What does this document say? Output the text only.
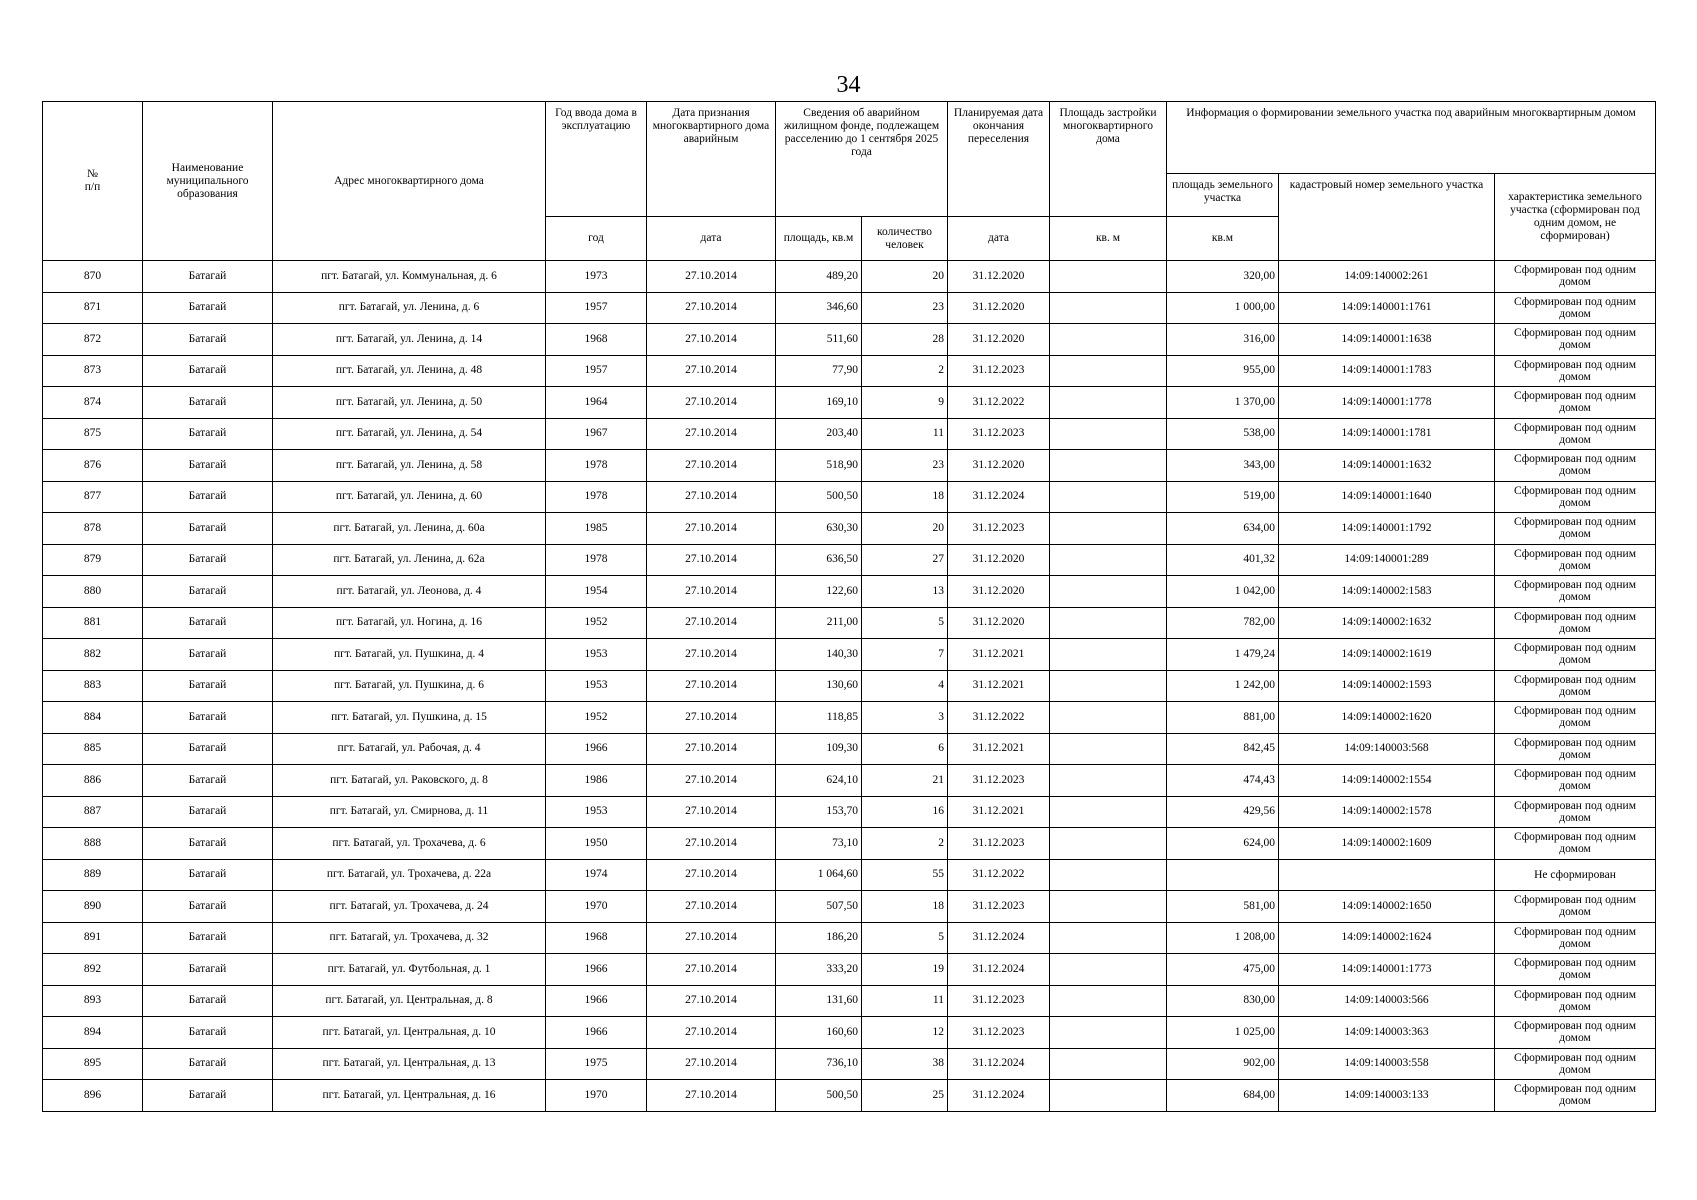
34
№
п/п	Наименование муниципального образования	Адрес многоквартирного дома	Год ввода дома в эксплуатацию	Дата признания многоквартирного дома аварийным	Сведения об аварийном жилищном фонде, подлежащем расселению до 1 сентября 2025 года		Планируемая дата окончания переселения	Площадь застройки многоквартирного дома	Информация о формировании земельного участка под аварийным многоквартирным домом		
									площадь земельного участка	кадастровый номер земельного участка	характеристика земельного участка (сформирован под одним домом, не сформирован)
			год	дата	площадь, кв.м	количество человек	дата	кв. м	кв.м		
870	Батагай	пгт. Батагай, ул. Коммунальная, д. 6	1973	27.10.2014	489,20	20	31.12.2020		320,00	14:09:140002:261	Сформирован под одним домом
871	Батагай	пгт. Батагай, ул. Ленина, д. 6	1957	27.10.2014	346,60	23	31.12.2020		1 000,00	14:09:140001:1761	Сформирован под одним домом
872	Батагай	пгт. Батагай, ул. Ленина, д. 14	1968	27.10.2014	511,60	28	31.12.2020		316,00	14:09:140001:1638	Сформирован под одним домом
873	Батагай	пгт. Батагай, ул. Ленина, д. 48	1957	27.10.2014	77,90	2	31.12.2023		955,00	14:09:140001:1783	Сформирован под одним домом
874	Батагай	пгт. Батагай, ул. Ленина, д. 50	1964	27.10.2014	169,10	9	31.12.2022		1 370,00	14:09:140001:1778	Сформирован под одним домом
875	Батагай	пгт. Батагай, ул. Ленина, д. 54	1967	27.10.2014	203,40	11	31.12.2023		538,00	14:09:140001:1781	Сформирован под одним домом
876	Батагай	пгт. Батагай, ул. Ленина, д. 58	1978	27.10.2014	518,90	23	31.12.2020		343,00	14:09:140001:1632	Сформирован под одним домом
877	Батагай	пгт. Батагай, ул. Ленина, д. 60	1978	27.10.2014	500,50	18	31.12.2024		519,00	14:09:140001:1640	Сформирован под одним домом
878	Батагай	пгт. Батагай, ул. Ленина, д. 60а	1985	27.10.2014	630,30	20	31.12.2023		634,00	14:09:140001:1792	Сформирован под одним домом
879	Батагай	пгт. Батагай, ул. Ленина, д. 62а	1978	27.10.2014	636,50	27	31.12.2020		401,32	14:09:140001:289	Сформирован под одним домом
880	Батагай	пгт. Батагай, ул. Леонова, д. 4	1954	27.10.2014	122,60	13	31.12.2020		1 042,00	14:09:140002:1583	Сформирован под одним домом
881	Батагай	пгт. Батагай, ул. Ногина, д. 16	1952	27.10.2014	211,00	5	31.12.2020		782,00	14:09:140002:1632	Сформирован под одним домом
882	Батагай	пгт. Батагай, ул. Пушкина, д. 4	1953	27.10.2014	140,30	7	31.12.2021		1 479,24	14:09:140002:1619	Сформирован под одним домом
883	Батагай	пгт. Батагай, ул. Пушкина, д. 6	1953	27.10.2014	130,60	4	31.12.2021		1 242,00	14:09:140002:1593	Сформирован под одним домом
884	Батагай	пгт. Батагай, ул. Пушкина, д. 15	1952	27.10.2014	118,85	3	31.12.2022		881,00	14:09:140002:1620	Сформирован под одним домом
885	Батагай	пгт. Батагай, ул. Рабочая, д. 4	1966	27.10.2014	109,30	6	31.12.2021		842,45	14:09:140003:568	Сформирован под одним домом
886	Батагай	пгт. Батагай, ул. Раковского, д. 8	1986	27.10.2014	624,10	21	31.12.2023		474,43	14:09:140002:1554	Сформирован под одним домом
887	Батагай	пгт. Батагай, ул. Смирнова, д. 11	1953	27.10.2014	153,70	16	31.12.2021		429,56	14:09:140002:1578	Сформирован под одним домом
888	Батагай	пгт. Батагай, ул. Трохачева, д. 6	1950	27.10.2014	73,10	2	31.12.2023		624,00	14:09:140002:1609	Сформирован под одним домом
889	Батагай	пгт. Батагай, ул. Трохачева, д. 22а	1974	27.10.2014	1 064,60	55	31.12.2022				Не сформирован
890	Батагай	пгт. Батагай, ул. Трохачева, д. 24	1970	27.10.2014	507,50	18	31.12.2023		581,00	14:09:140002:1650	Сформирован под одним домом
891	Батагай	пгт. Батагай, ул. Трохачева, д. 32	1968	27.10.2014	186,20	5	31.12.2024		1 208,00	14:09:140002:1624	Сформирован под одним домом
892	Батагай	пгт. Батагай, ул. Футбольная, д. 1	1966	27.10.2014	333,20	19	31.12.2024		475,00	14:09:140001:1773	Сформирован под одним домом
893	Батагай	пгт. Батагай, ул. Центральная, д. 8	1966	27.10.2014	131,60	11	31.12.2023		830,00	14:09:140003:566	Сформирован под одним домом
894	Батагай	пгт. Батагай, ул. Центральная, д. 10	1966	27.10.2014	160,60	12	31.12.2023		1 025,00	14:09:140003:363	Сформирован под одним домом
895	Батагай	пгт. Батагай, ул. Центральная, д. 13	1975	27.10.2014	736,10	38	31.12.2024		902,00	14:09:140003:558	Сформирован под одним домом
896	Батагай	пгт. Батагай, ул. Центральная, д. 16	1970	27.10.2014	500,50	25	31.12.2024		684,00	14:09:140003:133	Сформирован под одним домом
